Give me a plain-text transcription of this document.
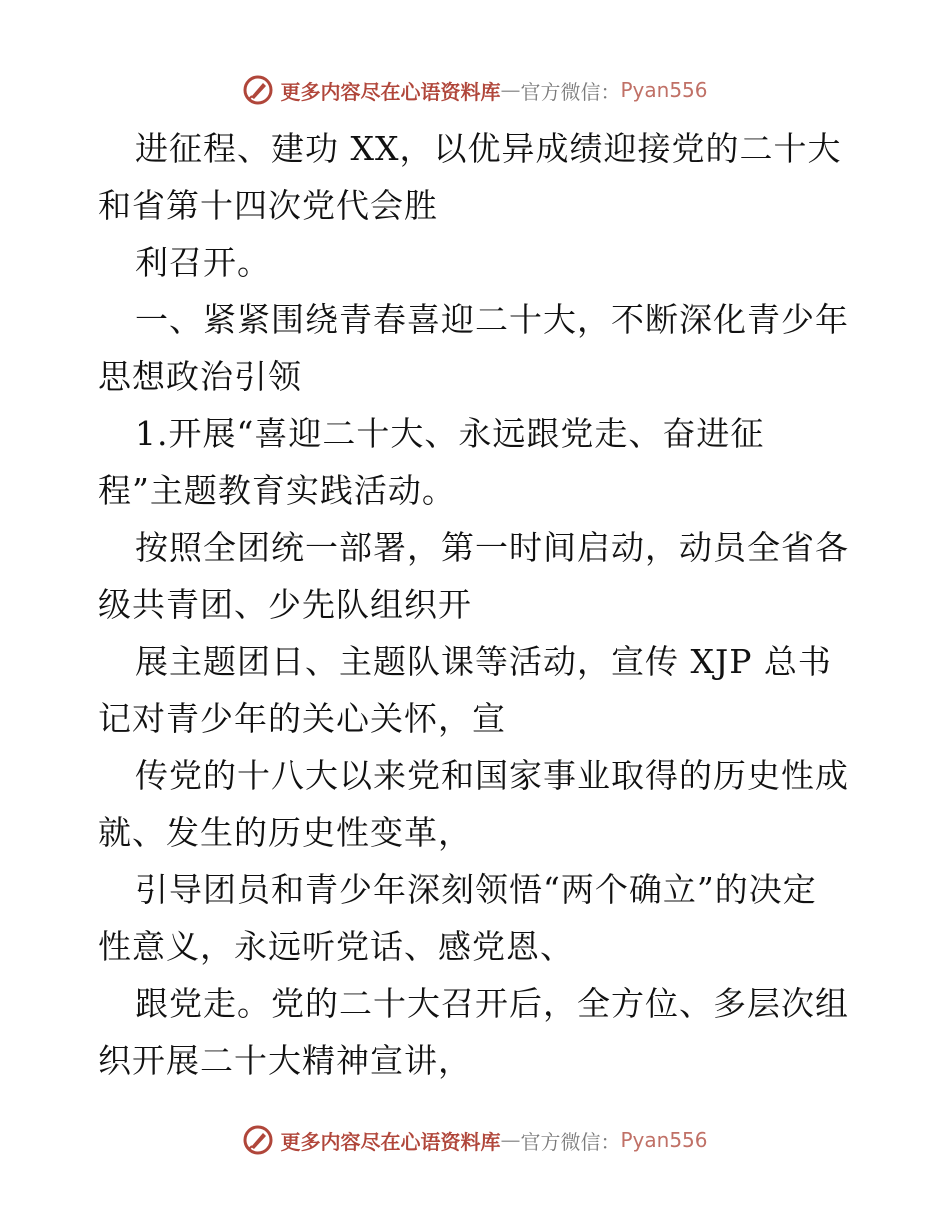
更多内容尽在心语资料库 — 官方微信： Pyan556
进征程、建功 XX，以优异成绩迎接党的二十大
和省第十四次党代会胜
利召开。
一、紧紧围绕青春喜迎二十大，不断深化青少年
思想政治引领
1.开展“喜迎二十大、永远跟党走、奋进征
程”主题教育实践活动。
按照全团统一部署，第一时间启动，动员全省各
级共青团、少先队组织开
展主题团日、主题队课等活动，宣传 XJP 总书
记对青少年的关心关怀，宣
传党的十八大以来党和国家事业取得的历史性成
就、发生的历史性变革，
引导团员和青少年深刻领悟“两个确立”的决定
性意义，永远听党话、感党恩、
跟党走。党的二十大召开后，全方位、多层次组
织开展二十大精神宣讲，
更多内容尽在心语资料库 — 官方微信： Pyan556
